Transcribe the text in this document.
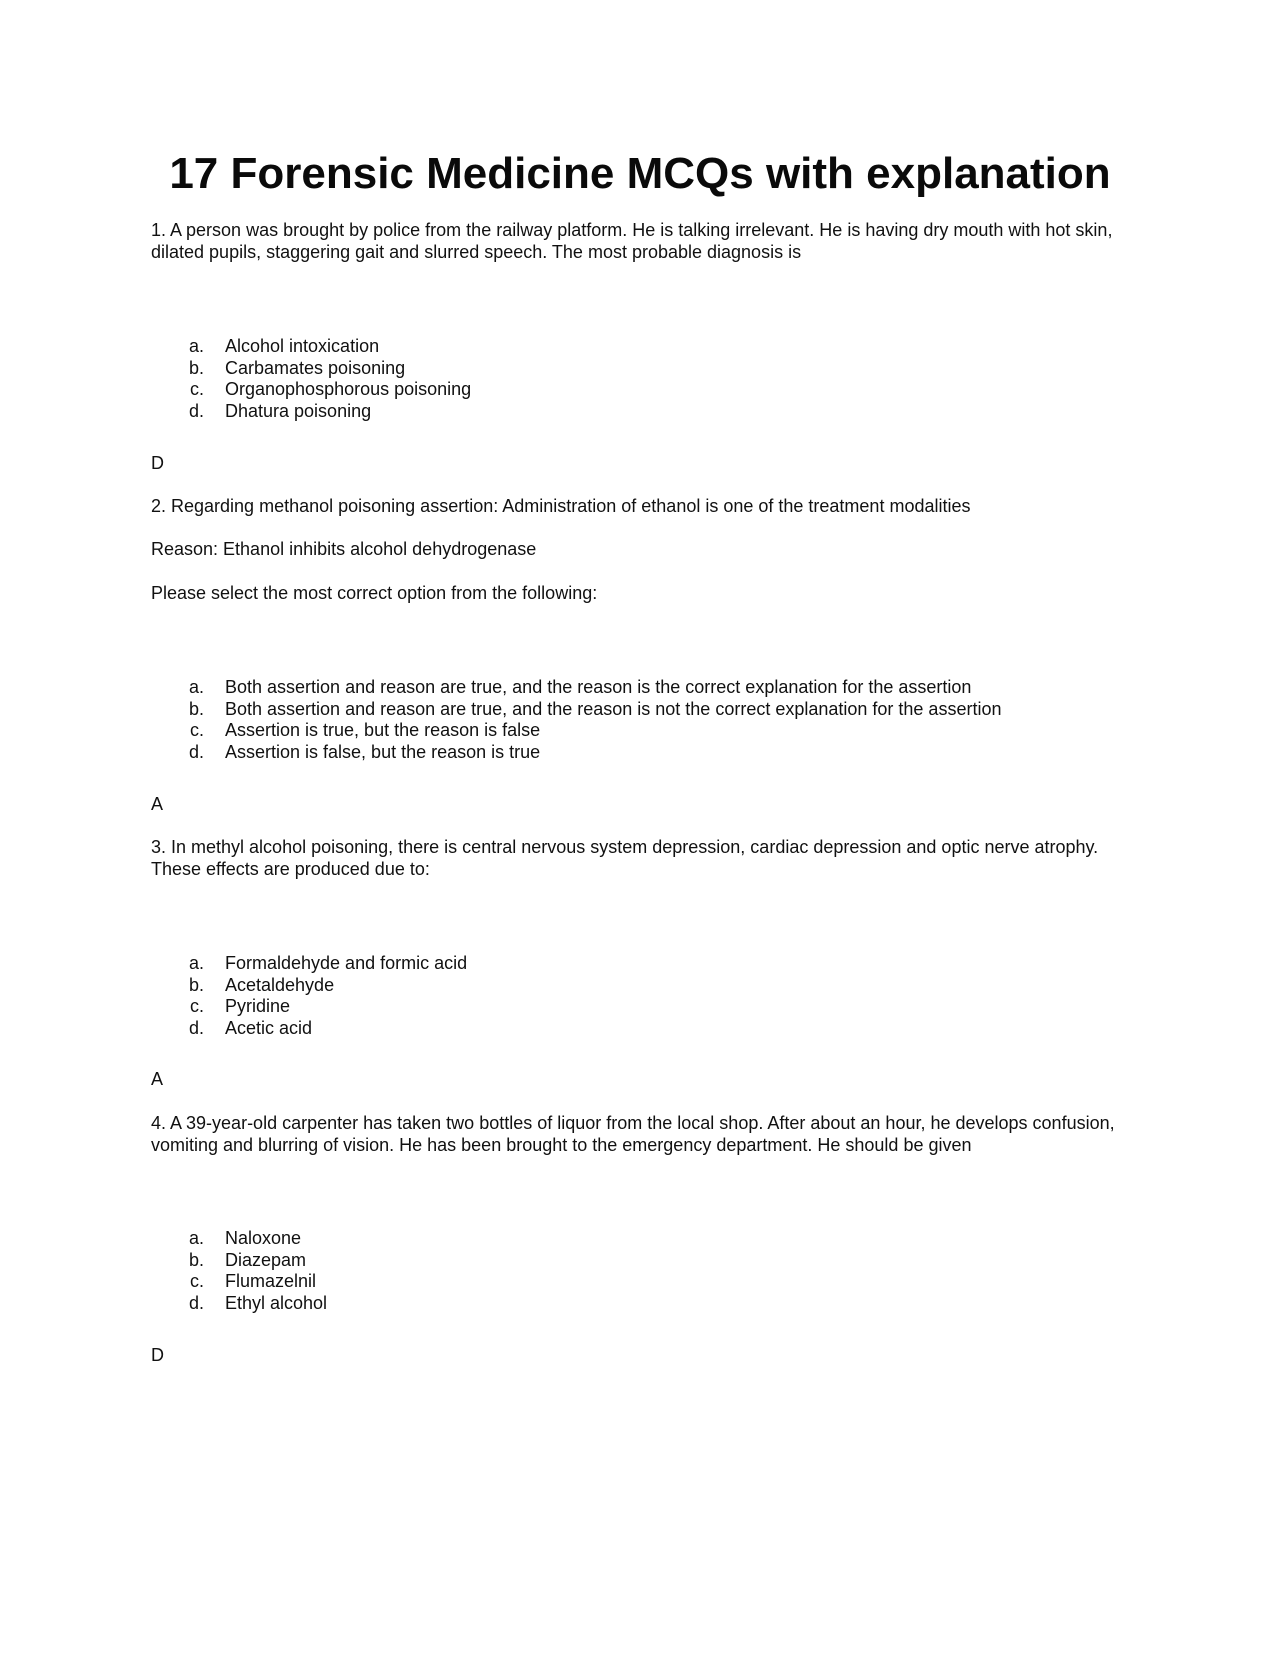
17 Forensic Medicine MCQs with explanation

1. A person was brought by police from the railway platform. He is talking irrelevant. He is having dry mouth with hot skin, dilated pupils, staggering gait and slurred speech. The most probable diagnosis is

a. Alcohol intoxication
b. Carbamates poisoning
c. Organophosphorous poisoning
d. Dhatura poisoning

D

2. Regarding methanol poisoning assertion: Administration of ethanol is one of the treatment modalities

Reason: Ethanol inhibits alcohol dehydrogenase

Please select the most correct option from the following:

a. Both assertion and reason are true, and the reason is the correct explanation for the assertion
b. Both assertion and reason are true, and the reason is not the correct explanation for the assertion
c. Assertion is true, but the reason is false
d. Assertion is false, but the reason is true

A

3. In methyl alcohol poisoning, there is central nervous system depression, cardiac depression and optic nerve atrophy. These effects are produced due to:

a. Formaldehyde and formic acid
b. Acetaldehyde
c. Pyridine
d. Acetic acid

A

4. A 39-year-old carpenter has taken two bottles of liquor from the local shop. After about an hour, he develops confusion, vomiting and blurring of vision. He has been brought to the emergency department. He should be given

a. Naloxone
b. Diazepam
c. Flumazelnil
d. Ethyl alcohol

D
